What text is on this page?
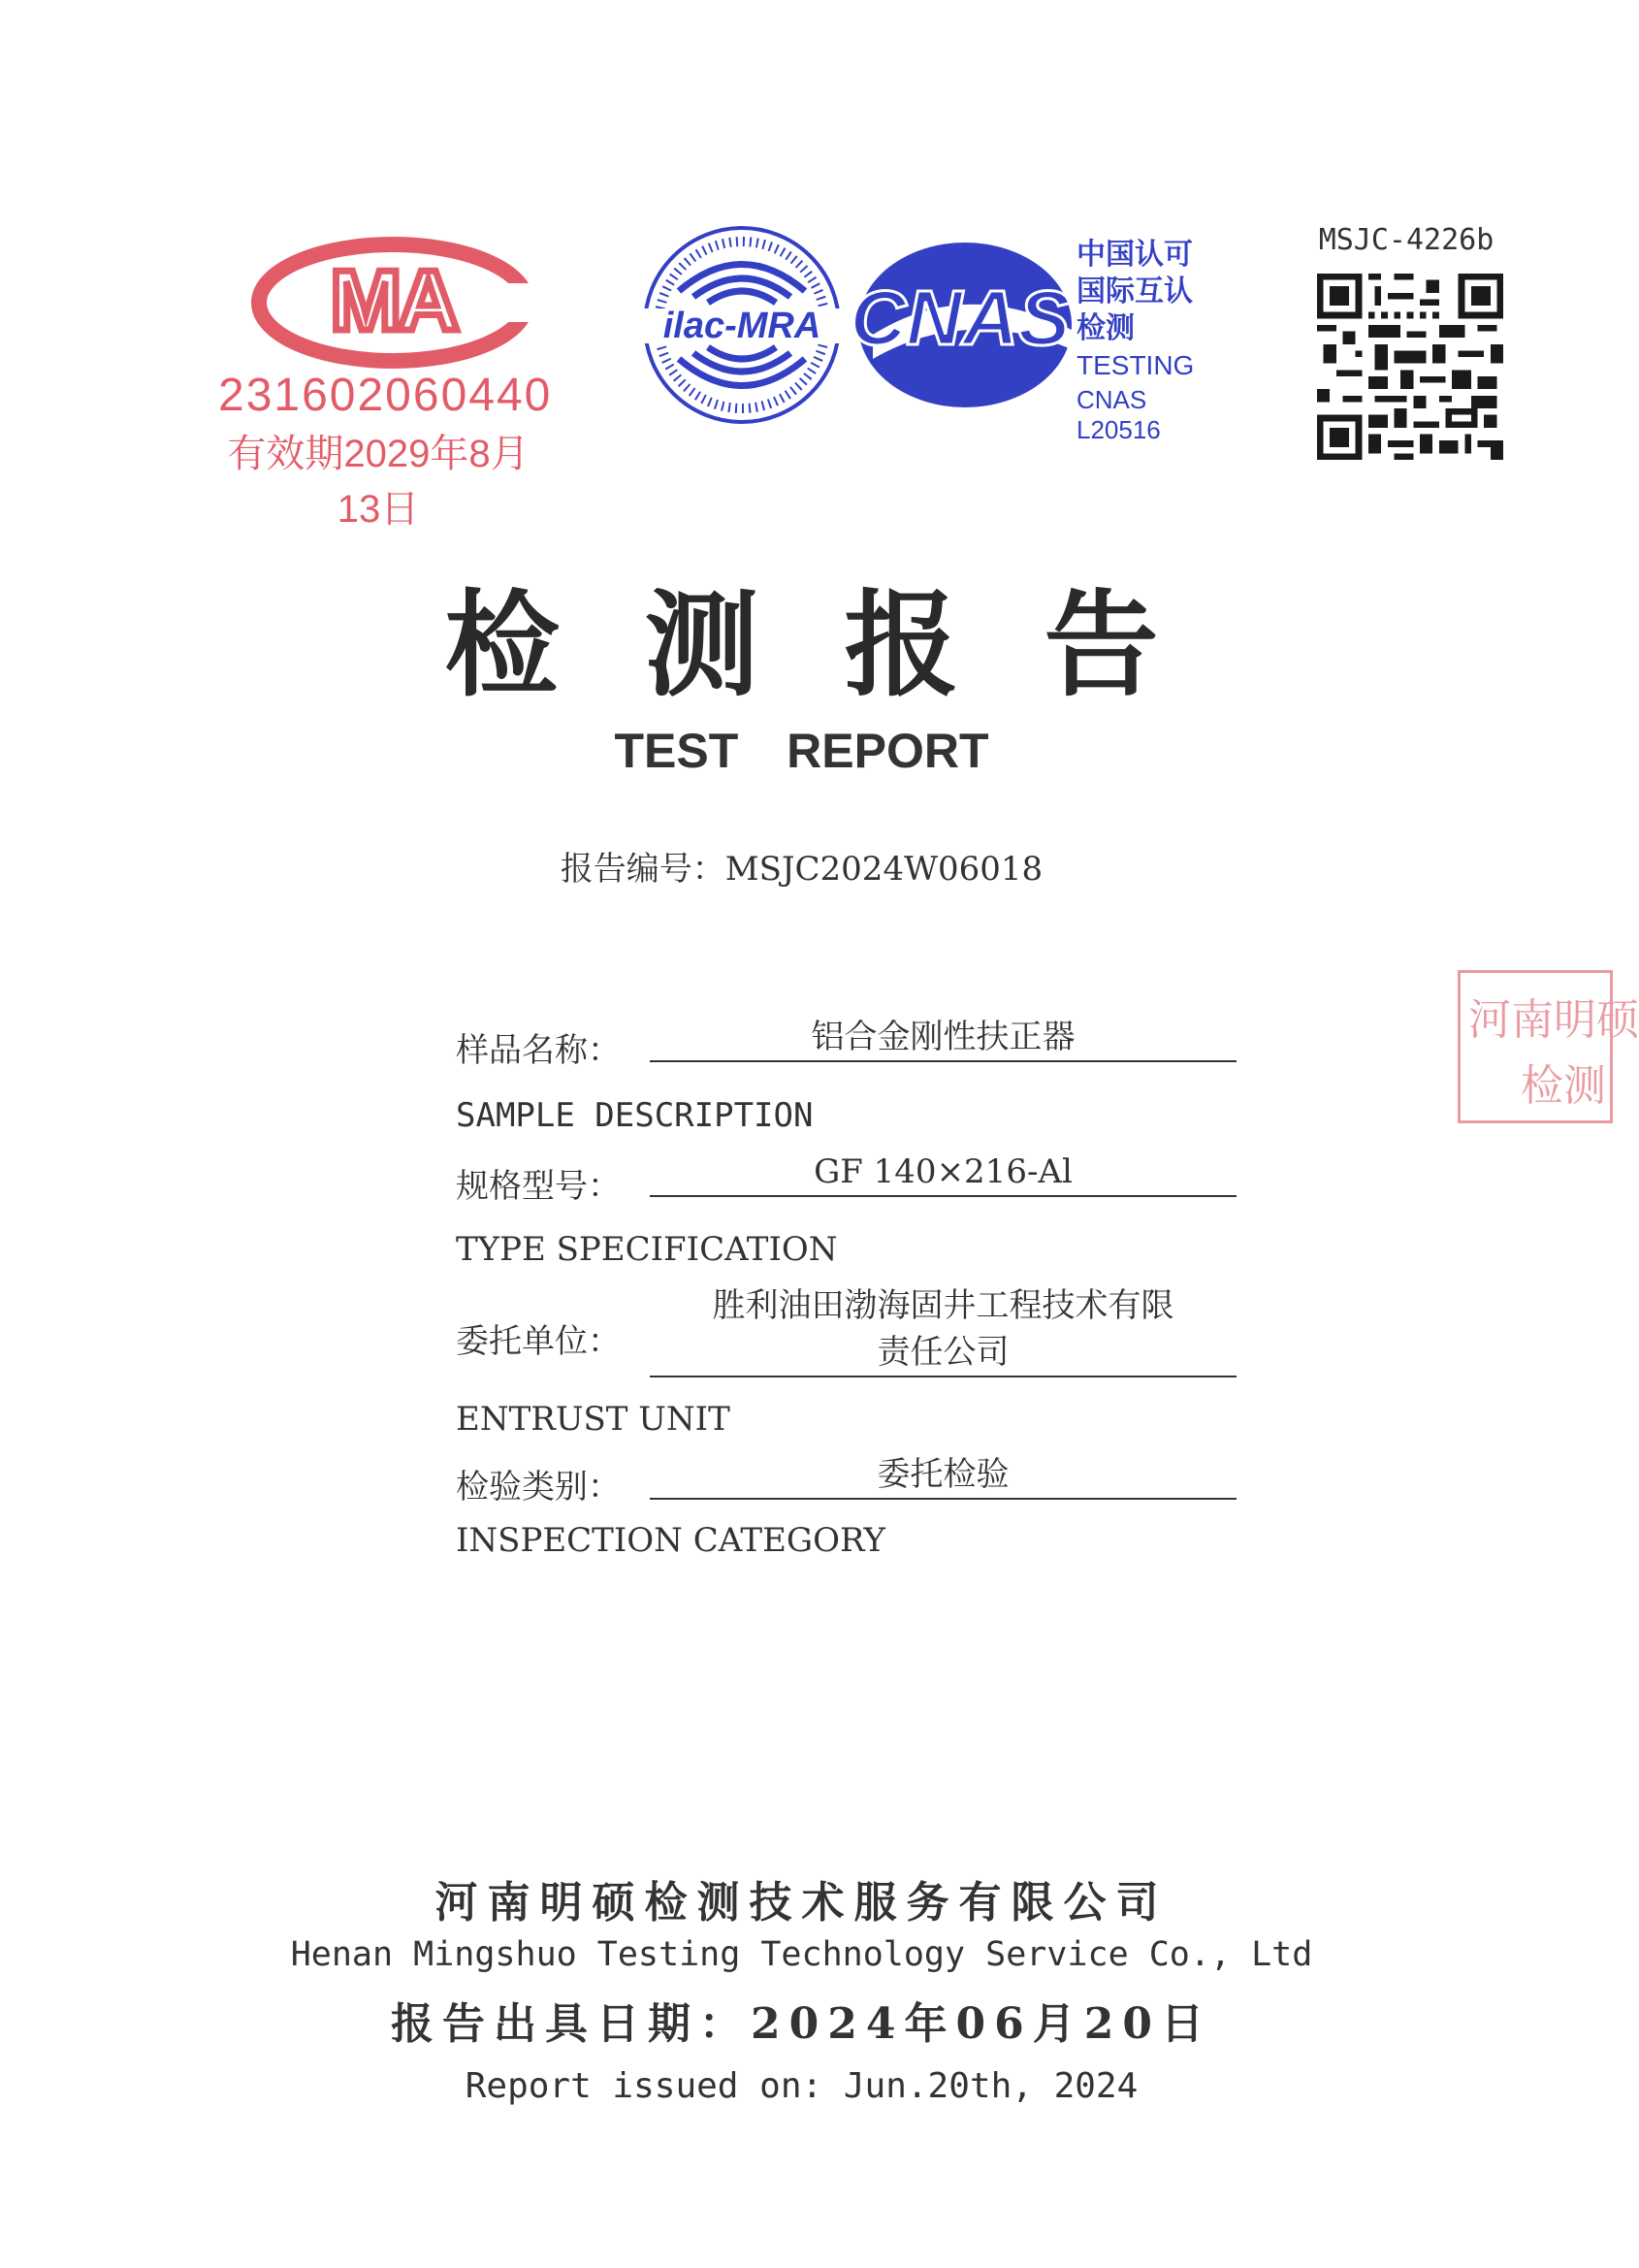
MA
231602060440
有效期2029年8月13日
ilac-MRA CNAS
中国认可
国际互认
检测
TESTING
CNAS L20516
MSJC-4226b
检测报告
TEST REPORT
报告编号：MSJC2024W06018
样品名称：	铝合金刚性扶正器
SAMPLE DESCRIPTION
规格型号：	GF 140×216-Al
TYPE SPECIFICATION
委托单位：
胜利油田渤海固井工程技术有限
责任公司
ENTRUST UNIT
检验类别：	委托检验
INSPECTION CATEGORY
河南明硕
检测
河南明硕检测技术服务有限公司
Henan Mingshuo Testing Technology Service Co., Ltd
报告出具日期：2024年06月20日
Report issued on: Jun.20th, 2024
